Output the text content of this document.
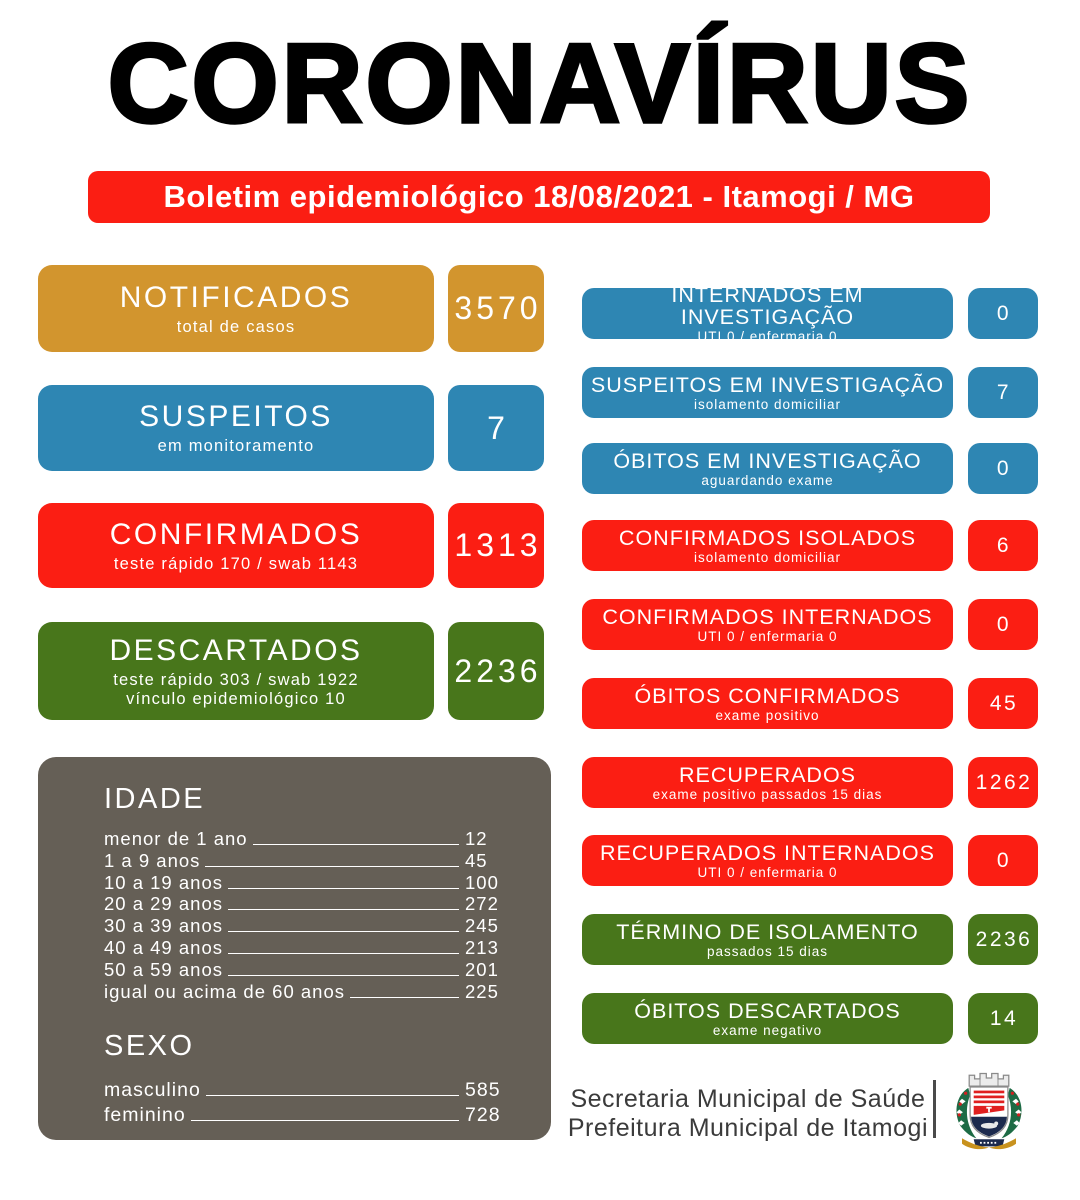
CORONAVÍRUS
Boletim epidemiológico 18/08/2021 - Itamogi / MG
NOTIFICADOS
total de casos
3570
SUSPEITOS
em monitoramento
7
CONFIRMADOS
teste rápido 170 / swab 1143
1313
DESCARTADOS
teste rápido 303 / swab 1922
vínculo epidemiológico 10
2236
IDADE
menor de 1 ano	12
1 a 9 anos	45
10 a 19 anos	100
20 a 29 anos	272
30 a 39 anos	245
40 a 49 anos	213
50 a 59 anos	201
igual ou acima de 60 anos	225
SEXO
masculino	585
feminino	728
INTERNADOS EM INVESTIGAÇÃO
UTI 0 / enfermaria 0
0
SUSPEITOS EM INVESTIGAÇÃO
isolamento domiciliar
7
ÓBITOS EM INVESTIGAÇÃO
aguardando exame
0
CONFIRMADOS ISOLADOS
isolamento domiciliar
6
CONFIRMADOS INTERNADOS
UTI 0 / enfermaria 0
0
ÓBITOS CONFIRMADOS
exame positivo
45
RECUPERADOS
exame positivo passados 15 dias
1262
RECUPERADOS INTERNADOS
UTI 0 / enfermaria 0
0
TÉRMINO DE ISOLAMENTO
passados 15 dias
2236
ÓBITOS DESCARTADOS
exame negativo
14
Secretaria Municipal de Saúde
Prefeitura Municipal de Itamogi
